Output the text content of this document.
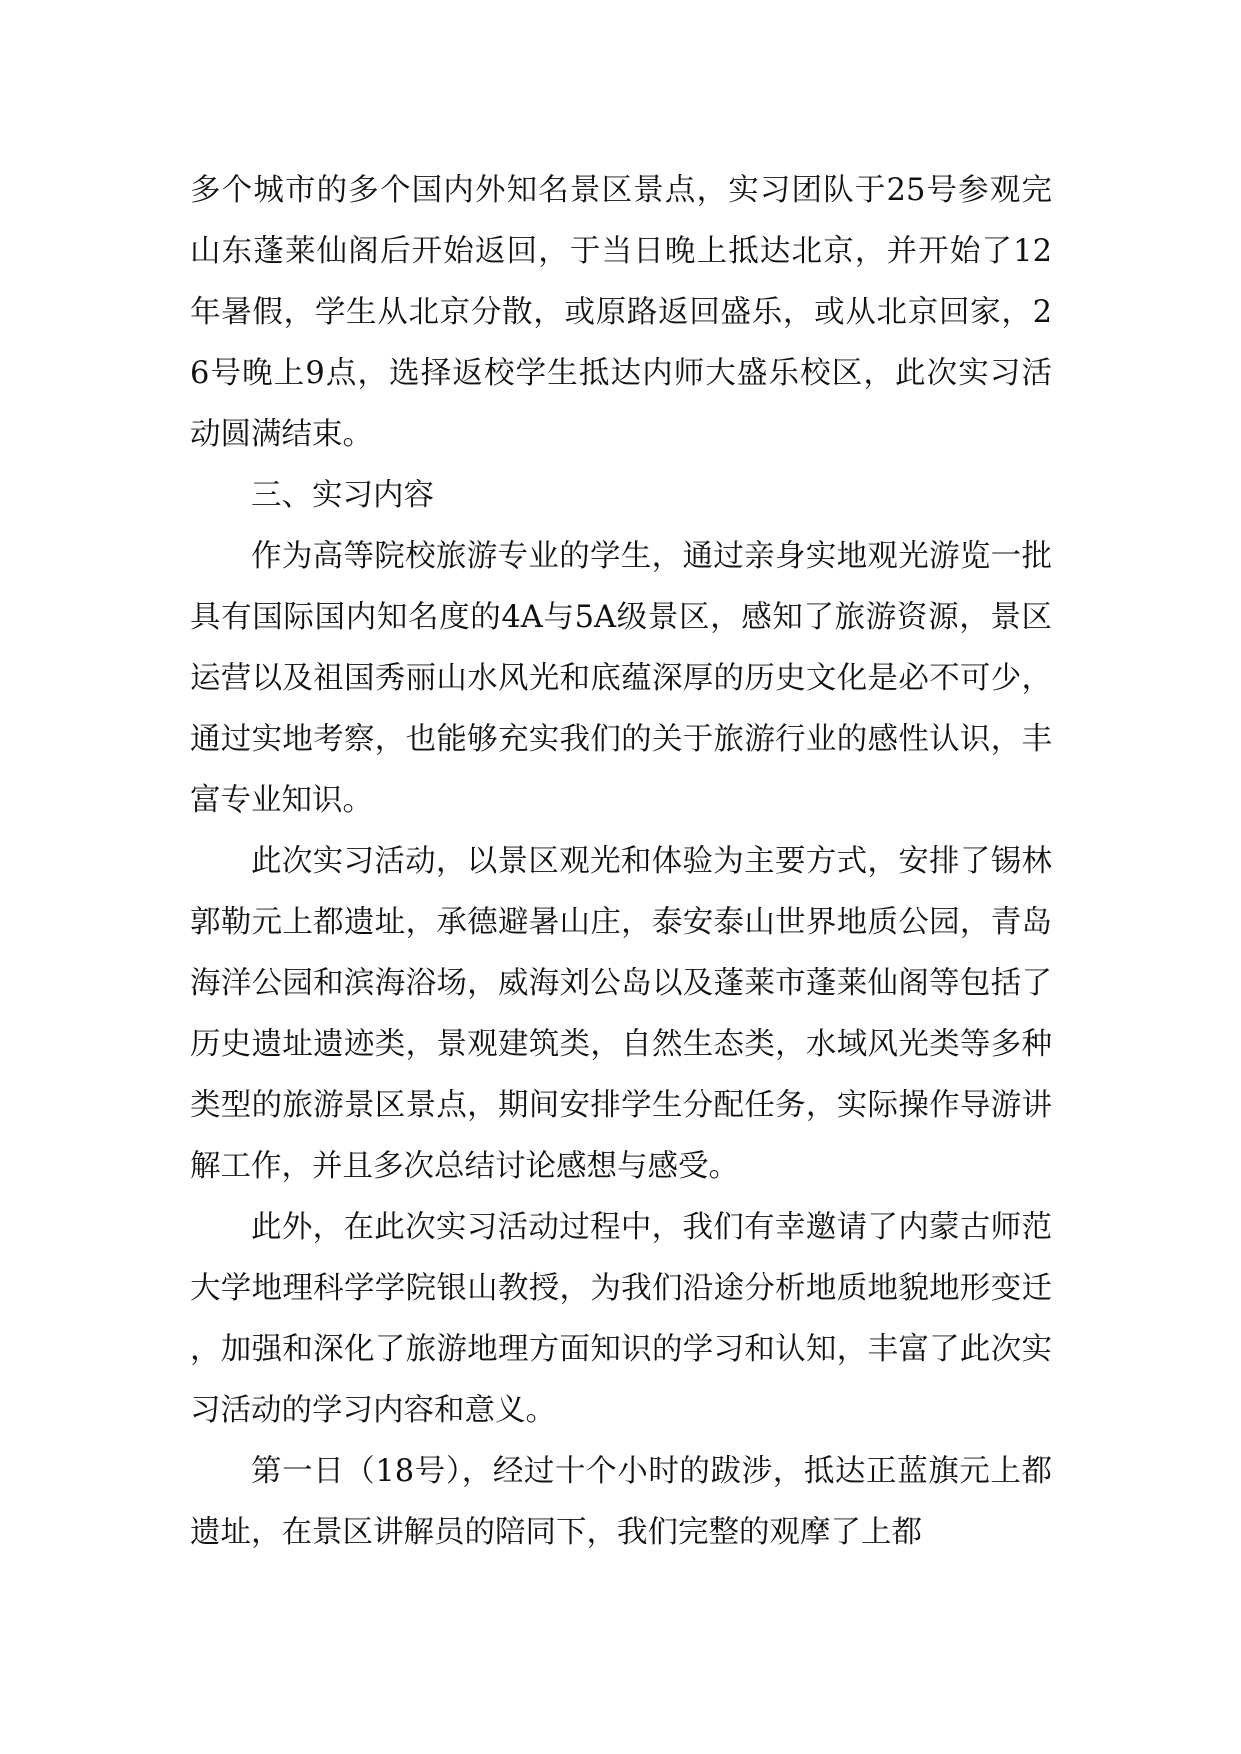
多个城市的多个国内外知名景区景点，实习团队于25号参观完山东蓬莱仙阁后开始返回，于当日晚上抵达北京，并开始了12年暑假，学生从北京分散，或原路返回盛乐，或从北京回家，26号晚上9点，选择返校学生抵达内师大盛乐校区，此次实习活动圆满结束。

三、实习内容

作为高等院校旅游专业的学生，通过亲身实地观光游览一批具有国际国内知名度的4A与5A级景区，感知了旅游资源，景区运营以及祖国秀丽山水风光和底蕴深厚的历史文化是必不可少，通过实地考察，也能够充实我们的关于旅游行业的感性认识，丰富专业知识。

此次实习活动，以景区观光和体验为主要方式，安排了锡林郭勒元上都遗址，承德避暑山庄，泰安泰山世界地质公园，青岛海洋公园和滨海浴场，威海刘公岛以及蓬莱市蓬莱仙阁等包括了历史遗址遗迹类，景观建筑类，自然生态类，水域风光类等多种类型的旅游景区景点，期间安排学生分配任务，实际操作导游讲解工作，并且多次总结讨论感想与感受。

此外，在此次实习活动过程中，我们有幸邀请了内蒙古师范大学地理科学学院银山教授，为我们沿途分析地质地貌地形变迁，加强和深化了旅游地理方面知识的学习和认知，丰富了此次实习活动的学习内容和意义。

第一日（18号），经过十个小时的跋涉，抵达正蓝旗元上都遗址，在景区讲解员的陪同下，我们完整的观摩了上都
